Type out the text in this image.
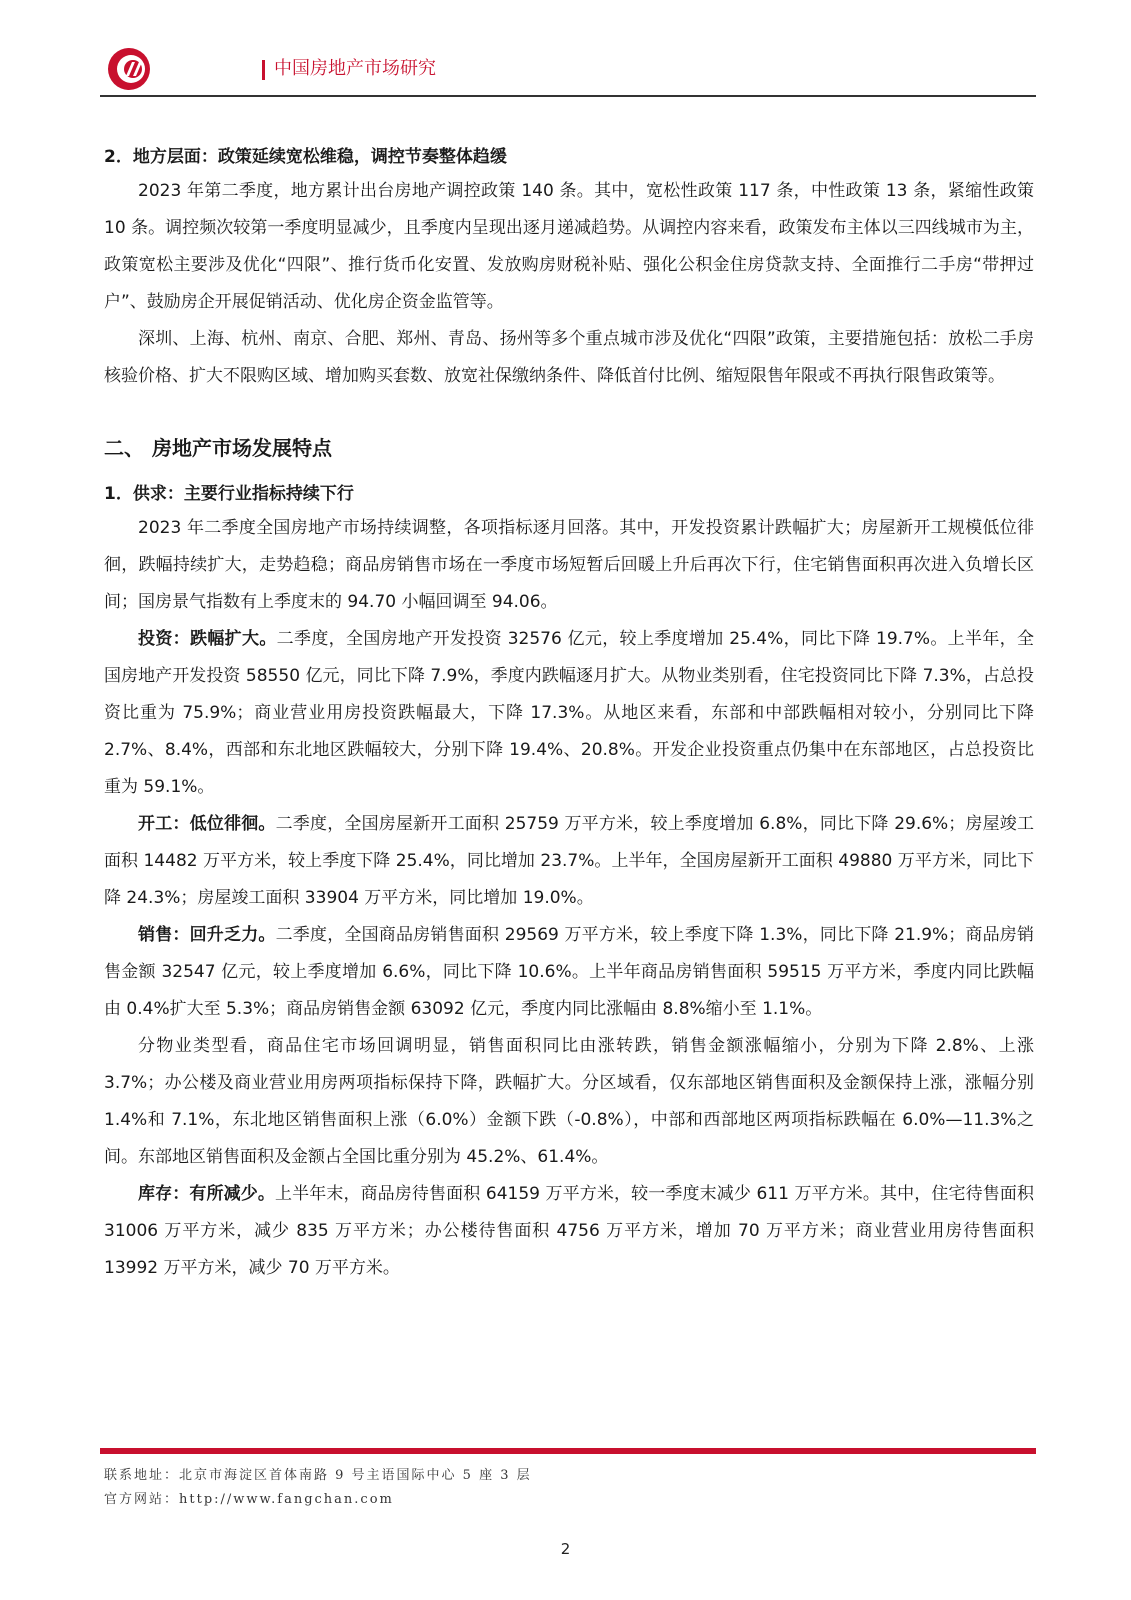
中国房地产市场研究

2．地方层面：政策延续宽松维稳，调控节奏整体趋缓

2023 年第二季度，地方累计出台房地产调控政策 140 条。其中，宽松性政策 117 条，中性政策 13 条，紧缩性政策 10 条。调控频次较第一季度明显减少，且季度内呈现出逐月递减趋势。从调控内容来看，政策发布主体以三四线城市为主，政策宽松主要涉及优化“四限”、推行货币化安置、发放购房财税补贴、强化公积金住房贷款支持、全面推行二手房“带押过户”、鼓励房企开展促销活动、优化房企资金监管等。

深圳、上海、杭州、南京、合肥、郑州、青岛、扬州等多个重点城市涉及优化“四限”政策，主要措施包括：放松二手房核验价格、扩大不限购区域、增加购买套数、放宽社保缴纳条件、降低首付比例、缩短限售年限或不再执行限售政策等。

二、 房地产市场发展特点

1．供求：主要行业指标持续下行

2023 年二季度全国房地产市场持续调整，各项指标逐月回落。其中，开发投资累计跌幅扩大；房屋新开工规模低位徘徊，跌幅持续扩大，走势趋稳；商品房销售市场在一季度市场短暂后回暖上升后再次下行，住宅销售面积再次进入负增长区间；国房景气指数有上季度末的 94.70 小幅回调至 94.06。

投资：跌幅扩大。二季度，全国房地产开发投资 32576 亿元，较上季度增加 25.4%，同比下降 19.7%。上半年，全国房地产开发投资 58550 亿元，同比下降 7.9%，季度内跌幅逐月扩大。从物业类别看，住宅投资同比下降 7.3%，占总投资比重为 75.9%；商业营业用房投资跌幅最大，下降 17.3%。从地区来看，东部和中部跌幅相对较小，分别同比下降 2.7%、8.4%，西部和东北地区跌幅较大，分别下降 19.4%、20.8%。开发企业投资重点仍集中在东部地区，占总投资比重为 59.1%。

开工：低位徘徊。二季度，全国房屋新开工面积 25759 万平方米，较上季度增加 6.8%，同比下降 29.6%；房屋竣工面积 14482 万平方米，较上季度下降 25.4%，同比增加 23.7%。上半年，全国房屋新开工面积 49880 万平方米，同比下降 24.3%；房屋竣工面积 33904 万平方米，同比增加 19.0%。

销售：回升乏力。二季度，全国商品房销售面积 29569 万平方米，较上季度下降 1.3%，同比下降 21.9%；商品房销售金额 32547 亿元，较上季度增加 6.6%，同比下降 10.6%。上半年商品房销售面积 59515 万平方米，季度内同比跌幅由 0.4%扩大至 5.3%；商品房销售金额 63092 亿元，季度内同比涨幅由 8.8%缩小至 1.1%。

分物业类型看，商品住宅市场回调明显，销售面积同比由涨转跌，销售金额涨幅缩小，分别为下降 2.8%、上涨 3.7%；办公楼及商业营业用房两项指标保持下降，跌幅扩大。分区域看，仅东部地区销售面积及金额保持上涨，涨幅分别 1.4%和 7.1%，东北地区销售面积上涨（6.0%）金额下跌（-0.8%），中部和西部地区两项指标跌幅在 6.0%—11.3%之间。东部地区销售面积及金额占全国比重分别为 45.2%、61.4%。

库存：有所减少。上半年末，商品房待售面积 64159 万平方米，较一季度末减少 611 万平方米。其中，住宅待售面积 31006 万平方米，减少 835 万平方米；办公楼待售面积 4756 万平方米，增加 70 万平方米；商业营业用房待售面积 13992 万平方米，减少 70 万平方米。

联系地址：北京市海淀区首体南路 9 号主语国际中心 5 座 3 层
官方网站：http://www.fangchan.com
2
